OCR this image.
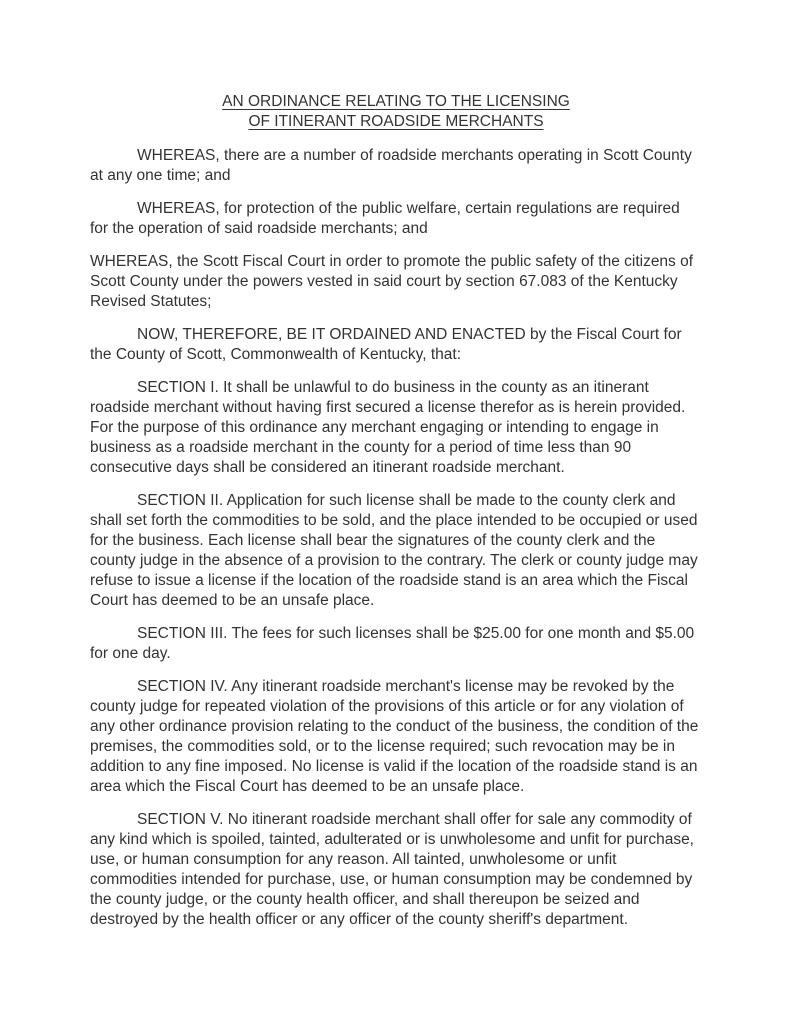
AN ORDINANCE RELATING TO THE LICENSING
OF ITINERANT ROADSIDE MERCHANTS

WHEREAS, there are a number of roadside merchants operating in Scott County at any one time; and

WHEREAS, for protection of the public welfare, certain regulations are required for the operation of said roadside merchants; and

WHEREAS, the Scott Fiscal Court in order to promote the public safety of the citizens of Scott County under the powers vested in said court by section 67.083 of the Kentucky Revised Statutes;

NOW, THEREFORE, BE IT ORDAINED AND ENACTED by the Fiscal Court for the County of Scott, Commonwealth of Kentucky, that:

SECTION I. It shall be unlawful to do business in the county as an itinerant roadside merchant without having first secured a license therefor as is herein provided. For the purpose of this ordinance any merchant engaging or intending to engage in business as a roadside merchant in the county for a period of time less than 90 consecutive days shall be considered an itinerant roadside merchant.

SECTION II. Application for such license shall be made to the county clerk and shall set forth the commodities to be sold, and the place intended to be occupied or used for the business. Each license shall bear the signatures of the county clerk and the county judge in the absence of a provision to the contrary. The clerk or county judge may refuse to issue a license if the location of the roadside stand is an area which the Fiscal Court has deemed to be an unsafe place.

SECTION III. The fees for such licenses shall be $25.00 for one month and $5.00 for one day.

SECTION IV. Any itinerant roadside merchant's license may be revoked by the county judge for repeated violation of the provisions of this article or for any violation of any other ordinance provision relating to the conduct of the business, the condition of the premises, the commodities sold, or to the license required; such revocation may be in addition to any fine imposed. No license is valid if the location of the roadside stand is an area which the Fiscal Court has deemed to be an unsafe place.

SECTION V. No itinerant roadside merchant shall offer for sale any commodity of any kind which is spoiled, tainted, adulterated or is unwholesome and unfit for purchase, use, or human consumption for any reason. All tainted, unwholesome or unfit commodities intended for purchase, use, or human consumption may be condemned by the county judge, or the county health officer, and shall thereupon be seized and destroyed by the health officer or any officer of the county sheriff's department.
